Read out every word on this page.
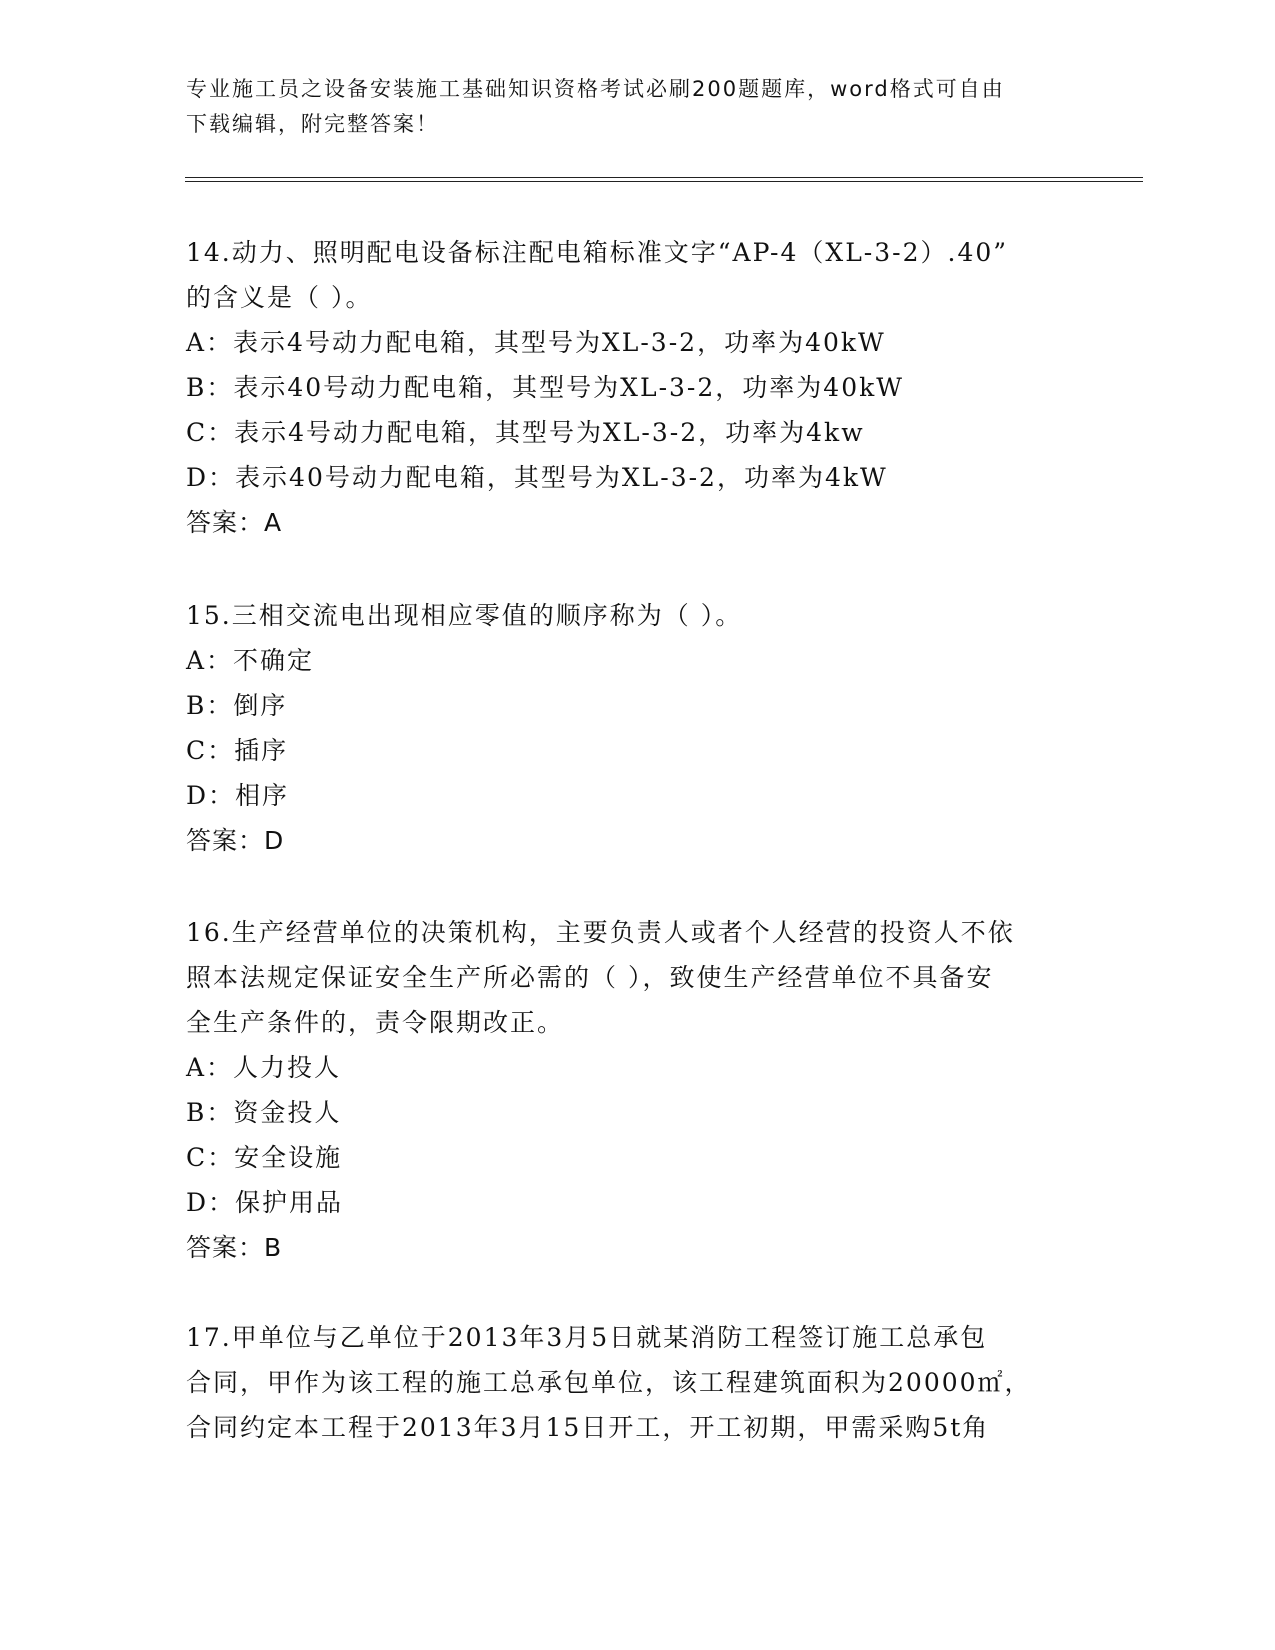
专业施工员之设备安装施工基础知识资格考试必刷200题题库，word格式可自由
下载编辑，附完整答案！
14.动力、照明配电设备标注配电箱标准文字“AP-4（XL-3-2）.40”
的含义是（ ）。
A：表示4号动力配电箱，其型号为XL-3-2，功率为40kW
B：表示40号动力配电箱，其型号为XL-3-2，功率为40kW
C：表示4号动力配电箱，其型号为XL-3-2，功率为4kw
D：表示40号动力配电箱，其型号为XL-3-2，功率为4kW
答案：A
15.三相交流电出现相应零值的顺序称为（ ）。
A：不确定
B：倒序
C：插序
D：相序
答案：D
16.生产经营单位的决策机构，主要负责人或者个人经营的投资人不依
照本法规定保证安全生产所必需的（ ），致使生产经营单位不具备安
全生产条件的，责令限期改正。
A：人力投人
B：资金投人
C：安全设施
D：保护用品
答案：B
17.甲单位与乙单位于2013年3月5日就某消防工程签订施工总承包
合同，甲作为该工程的施工总承包单位，该工程建筑面积为20000㎡，
合同约定本工程于2013年3月15日开工，开工初期，甲需采购5t角
